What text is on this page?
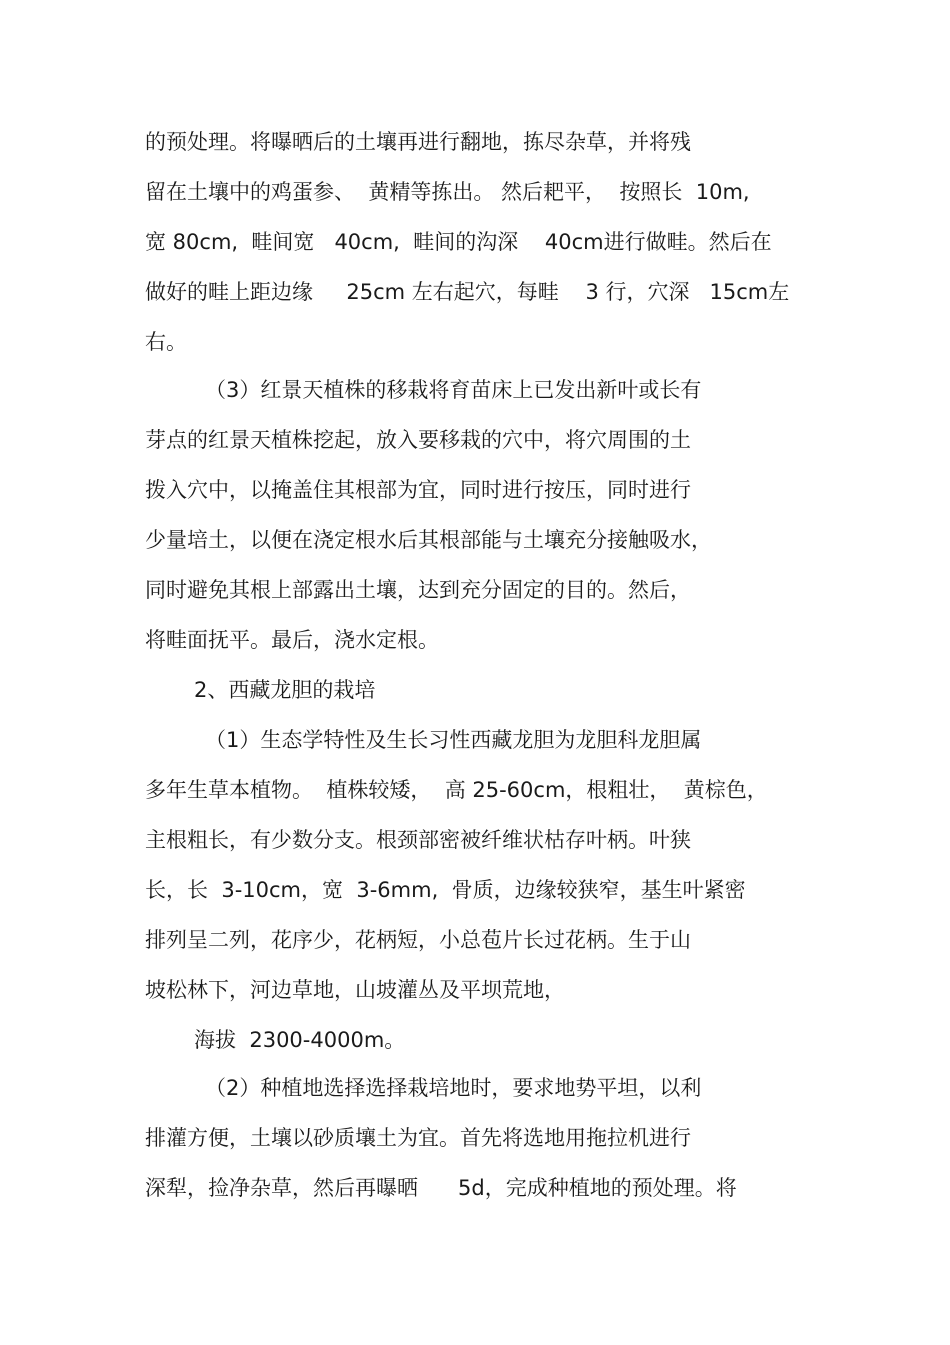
的预处理。将曝晒后的土壤再进行翻地，拣尽杂草，并将残
留在土壤中的鸡蛋参、  黄精等拣出。 然后耙平，  按照长  10m,
宽 80cm,  畦间宽   40cm,  畦间的沟深    40cm进行做畦。然后在
做好的畦上距边缘     25cm 左右起穴，每畦    3 行，穴深   15cm左
右。
（3）红景天植株的移栽将育苗床上已发出新叶或长有
芽点的红景天植株挖起，放入要移栽的穴中，将穴周围的土
拨入穴中，以掩盖住其根部为宜，同时进行按压，同时进行
少量培土，以便在浇定根水后其根部能与土壤充分接触吸水，
同时避免其根上部露出土壤，达到充分固定的目的。然后，
将畦面抚平。最后，浇水定根。
2、西藏龙胆的栽培
（1）生态学特性及生长习性西藏龙胆为龙胆科龙胆属
多年生草本植物。  植株较矮，  高 25-60cm，根粗壮，  黄棕色，
主根粗长，有少数分支。根颈部密被纤维状枯存叶柄。叶狭
长，长  3-10cm，宽  3-6mm,  骨质，边缘较狭窄，基生叶紧密
排列呈二列，花序少，花柄短，小总苞片长过花柄。生于山
坡松林下，河边草地，山坡灌丛及平坝荒地，
海拔  2300-4000m。
（2）种植地选择选择栽培地时，要求地势平坦，以利
排灌方便，土壤以砂质壤土为宜。首先将选地用拖拉机进行
深犁，捡净杂草，然后再曝晒      5d，完成种植地的预处理。将
